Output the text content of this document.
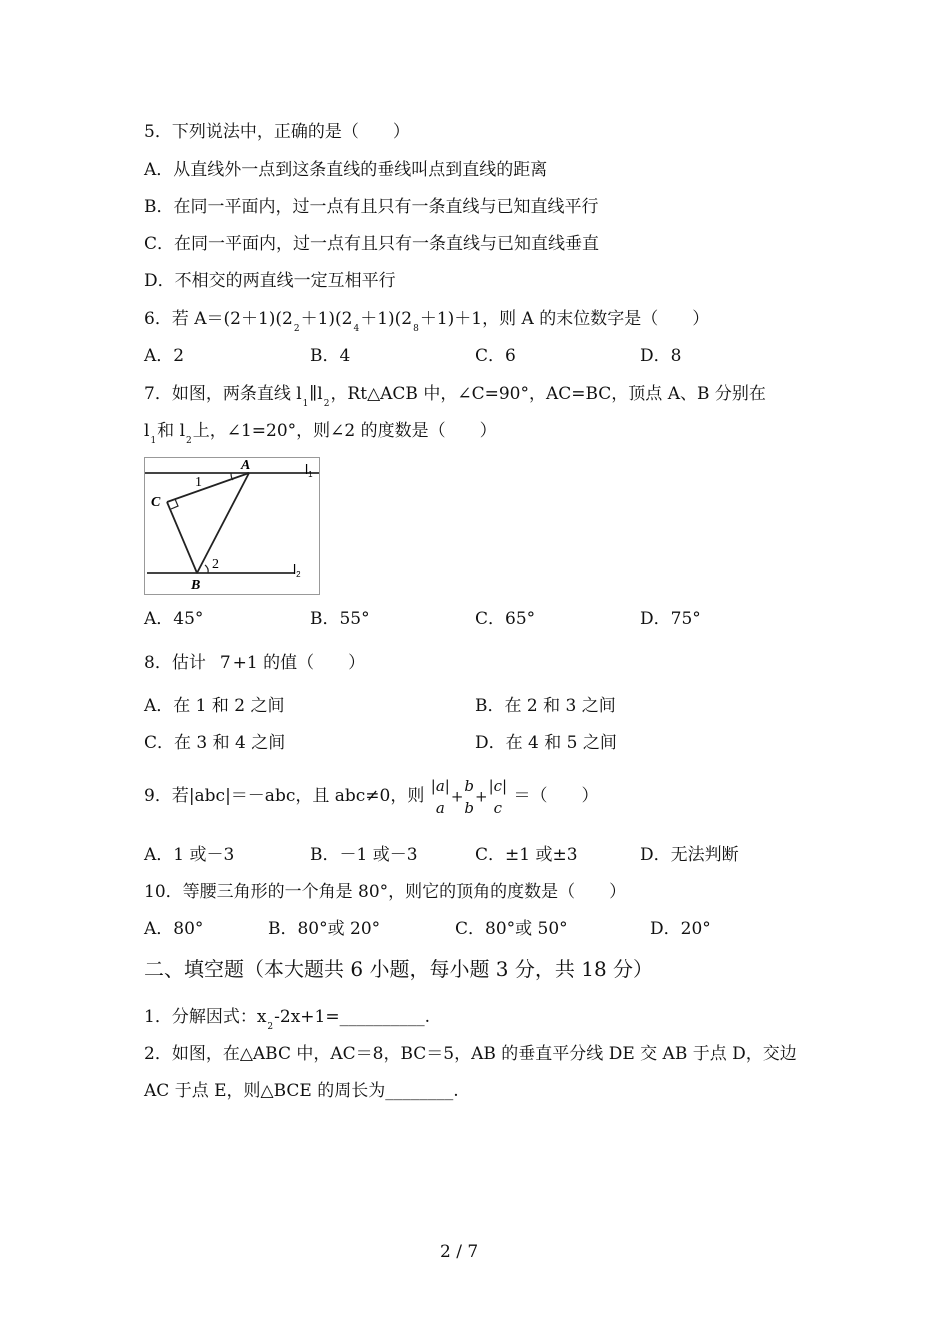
5．下列说法中，正确的是（　　）
A．从直线外一点到这条直线的垂线叫点到直线的距离
B．在同一平面内，过一点有且只有一条直线与已知直线平行
C．在同一平面内，过一点有且只有一条直线与已知直线垂直
D．不相交的两直线一定互相平行
6．若 $A=(2+1)(2_2+1)(2_4+1)(2_8+1)+1$，则 A 的末位数字是（　　）
A．2	B．4	C．6	D．8
7．如图，两条直线 $l_1\parallel l_2$，Rt△ACB 中，∠C=90°，AC=BC，顶点 A、B 分别在
$l_1$和 $l_2$上，∠1=20°，则∠2 的度数是（　　）
A
C
B
1
2
$l_1$
$l_2$
A．45°	B．55°	C．65°	D．75°
8．估计 7 +1 的值（　　）
A．在 1 和 2 之间	B．在 2 和 3 之间
C．在 3 和 4 之间	D．在 4 和 5 之间
9．若|abc|＝－abc，且 abc≠0，则
|a|
a
+
b
b
+
|c|
c
＝（　　）
A．1 或－3	B．－1 或－3	C．±1 或±3	D．无法判断
10．等腰三角形的一个角是 80°，则它的顶角的度数是（　　）
A．80°	B．80°或 20°	C．80°或 50°	D．20°
二、填空题（本大题共 6 小题，每小题 3 分，共 18 分）
1．分解因式：$x_2-2x+1=\_\_\_\_\_\_\_\_\_\_$.
2．如图，在△ABC 中，AC＝8，BC＝5，AB 的垂直平分线 DE 交 AB 于点 D，交边
AC 于点 E，则△BCE 的周长为________.
2 / 7
